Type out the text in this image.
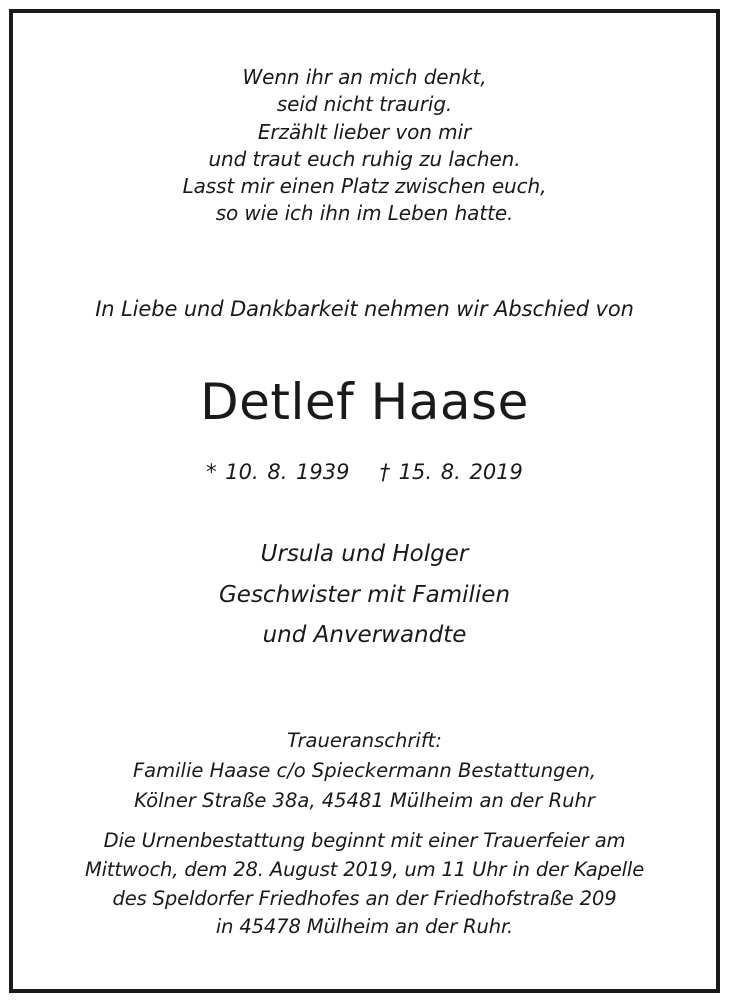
Wenn ihr an mich denkt,
seid nicht traurig.
Erzählt lieber von mir
und traut euch ruhig zu lachen.
Lasst mir einen Platz zwischen euch,
so wie ich ihn im Leben hatte.
In Liebe und Dankbarkeit nehmen wir Abschied von
Detlef Haase
* 10. 8. 1939 † 15. 8. 2019
Ursula und Holger
Geschwister mit Familien
und Anverwandte
Traueranschrift:
Familie Haase c/o Spieckermann Bestattungen,
Kölner Straße 38a, 45481 Mülheim an der Ruhr
Die Urnenbestattung beginnt mit einer Trauerfeier am
Mittwoch, dem 28. August 2019, um 11 Uhr in der Kapelle
des Speldorfer Friedhofes an der Friedhofstraße 209
in 45478 Mülheim an der Ruhr.
